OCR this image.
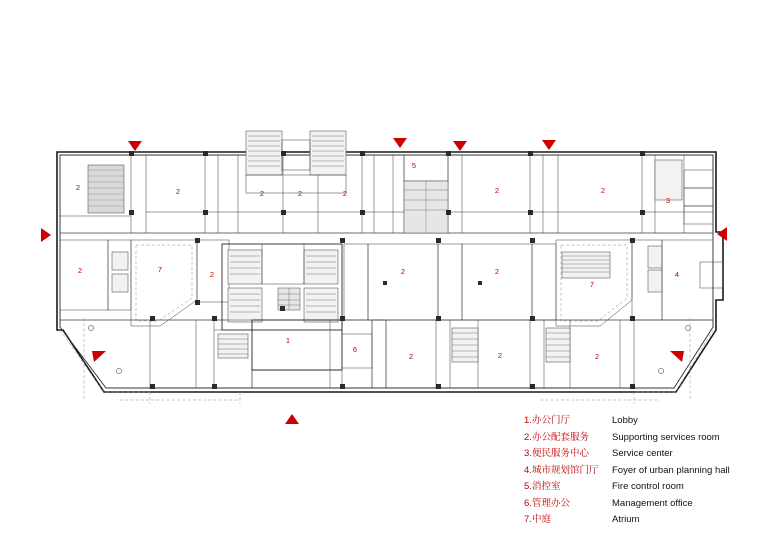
2	2	2	2	2
5
2	2
3
2	7
2	2	2
7
4
1
6
2	2	2
1.办公门厅	Lobby
2.办公配套服务	Supporting services room
3.便民服务中心	Service center
4.城市规划馆门厅	Foyer of urban planning hall
5.消控室	Fire control room
6.管理办公	Management office
7.中庭	Atrium
